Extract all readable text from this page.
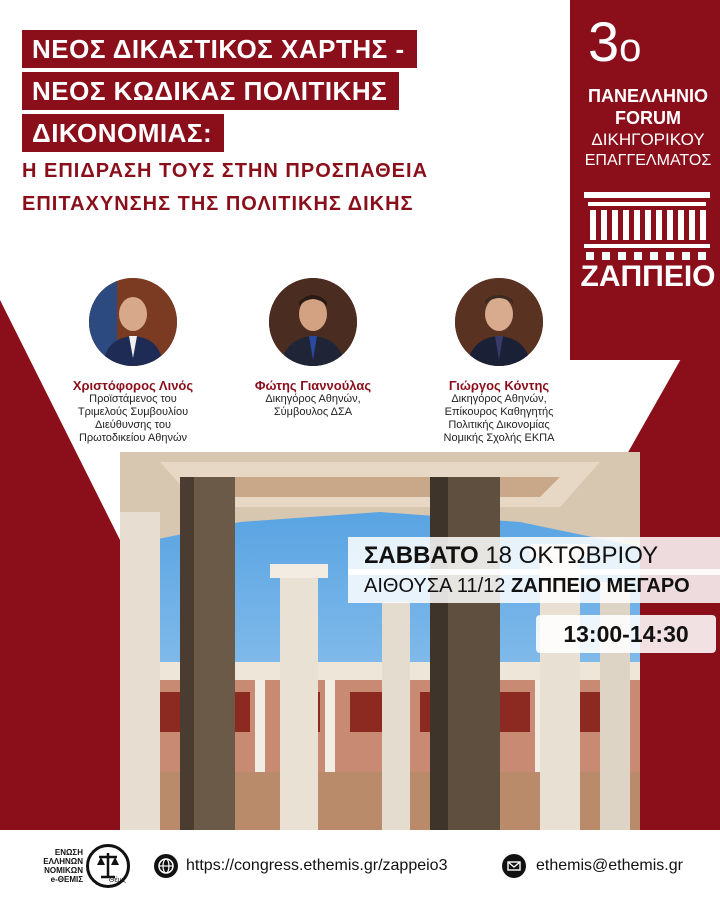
ΝΕΟΣ ΔΙΚΑΣΤΙΚΟΣ ΧΑΡΤΗΣ -
ΝΕΟΣ ΚΩΔΙΚΑΣ ΠΟΛΙΤΙΚΗΣ
ΔΙΚΟΝΟΜΙΑΣ:
Η ΕΠΙΔΡΑΣΗ ΤΟΥΣ ΣΤΗΝ ΠΡΟΣΠΑΘΕΙΑ
ΕΠΙΤΑΧΥΝΣΗΣ ΤΗΣ ΠΟΛΙΤΙΚΗΣ ΔΙΚΗΣ
3ο
ΠΑΝΕΛΛΗΝΙΟ
FORUM
ΔΙΚΗΓΟΡΙΚΟΥ
ΕΠΑΓΓΕΛΜΑΤΟΣ
ΖΑΠΠΕΙΟ
Χριστόφορος Λινός
Προϊστάμενος του
Τριμελούς Συμβουλίου
Διεύθυνσης του
Πρωτοδικείου Αθηνών
Φώτης Γιαννούλας
Δικηγόρος Αθηνών,
Σύμβουλος ΔΣΑ
Γιώργος Κόντης
Δικηγόρος Αθηνών,
Επίκουρος Καθηγητής
Πολιτικής Δικονομίας
Νομικής Σχολής ΕΚΠΑ
ΣΑΒΒΑΤΟ 18 ΟΚΤΩΒΡΙΟΥ
ΑΙΘΟΥΣΑ 11/12 ΖΑΠΠΕΙΟ ΜΕΓΑΡΟ
13:00-14:30
ΕΝΩΣΗ
ΕΛΛΗΝΩΝ
ΝΟΜΙΚΩΝ
e-ΘΕΜΙΣ	Θέμις
https://congress.ethemis.gr/zappeio3	ethemis@ethemis.gr
